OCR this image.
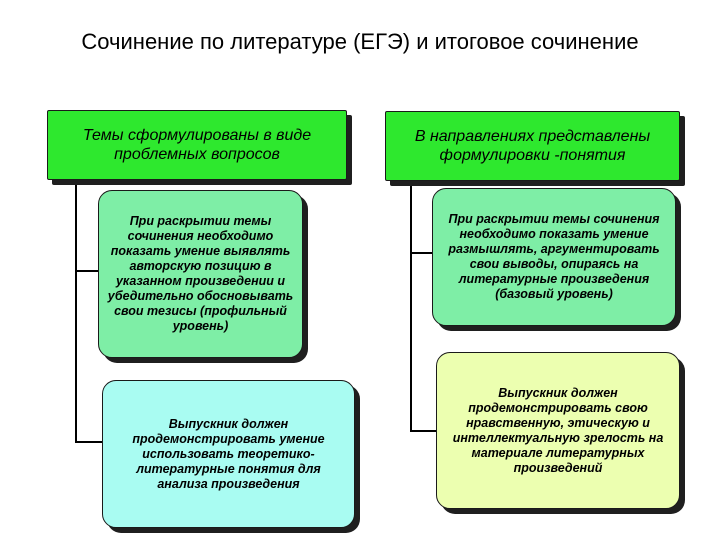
Сочинение по литературе (ЕГЭ) и итоговое сочинение
Темы сформулированы в виде проблемных вопросов
При раскрытии темы сочинения необходимо показать умение выявлять авторскую позицию в указанном произведении и убедительно обосновывать свои тезисы (профильный уровень)
Выпускник должен продемонстрировать умение использовать теоретико-литературные понятия для анализа произведения
В направлениях представлены формулировки -понятия
При раскрытии темы сочинения необходимо показать умение размышлять, аргументировать свои выводы, опираясь на литературные произведения (базовый уровень)
Выпускник должен продемонстрировать свою нравственную, этическую и интеллектуальную зрелость на материале литературных произведений
